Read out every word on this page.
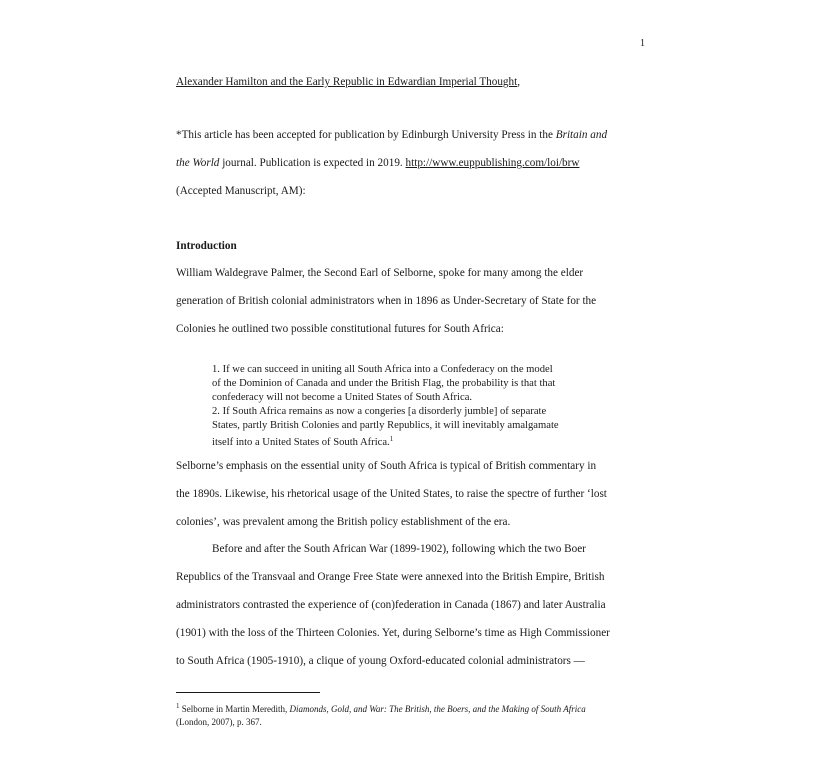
1
Alexander Hamilton and the Early Republic in Edwardian Imperial Thought,
*This article has been accepted for publication by Edinburgh University Press in the Britain and
the World journal. Publication is expected in 2019. http://www.euppublishing.com/loi/brw
(Accepted Manuscript, AM):
Introduction
William Waldegrave Palmer, the Second Earl of Selborne, spoke for many among the elder
generation of British colonial administrators when in 1896 as Under-Secretary of State for the
Colonies he outlined two possible constitutional futures for South Africa:
1. If we can succeed in uniting all South Africa into a Confederacy on the model
of the Dominion of Canada and under the British Flag, the probability is that that
confederacy will not become a United States of South Africa.
2. If South Africa remains as now a congeries [a disorderly jumble] of separate
States, partly British Colonies and partly Republics, it will inevitably amalgamate
itself into a United States of South Africa.$^1$
Selborne’s emphasis on the essential unity of South Africa is typical of British commentary in
the 1890s. Likewise, his rhetorical usage of the United States, to raise the spectre of further ‘lost
colonies’, was prevalent among the British policy establishment of the era.
Before and after the South African War (1899-1902), following which the two Boer
Republics of the Transvaal and Orange Free State were annexed into the British Empire, British
administrators contrasted the experience of (con)federation in Canada (1867) and later Australia
(1901) with the loss of the Thirteen Colonies. Yet, during Selborne’s time as High Commissioner
to South Africa (1905-1910), a clique of young Oxford-educated colonial administrators —
$^1$ Selborne in Martin Meredith, Diamonds, Gold, and War: The British, the Boers, and the Making of South Africa
(London, 2007), p. 367.
